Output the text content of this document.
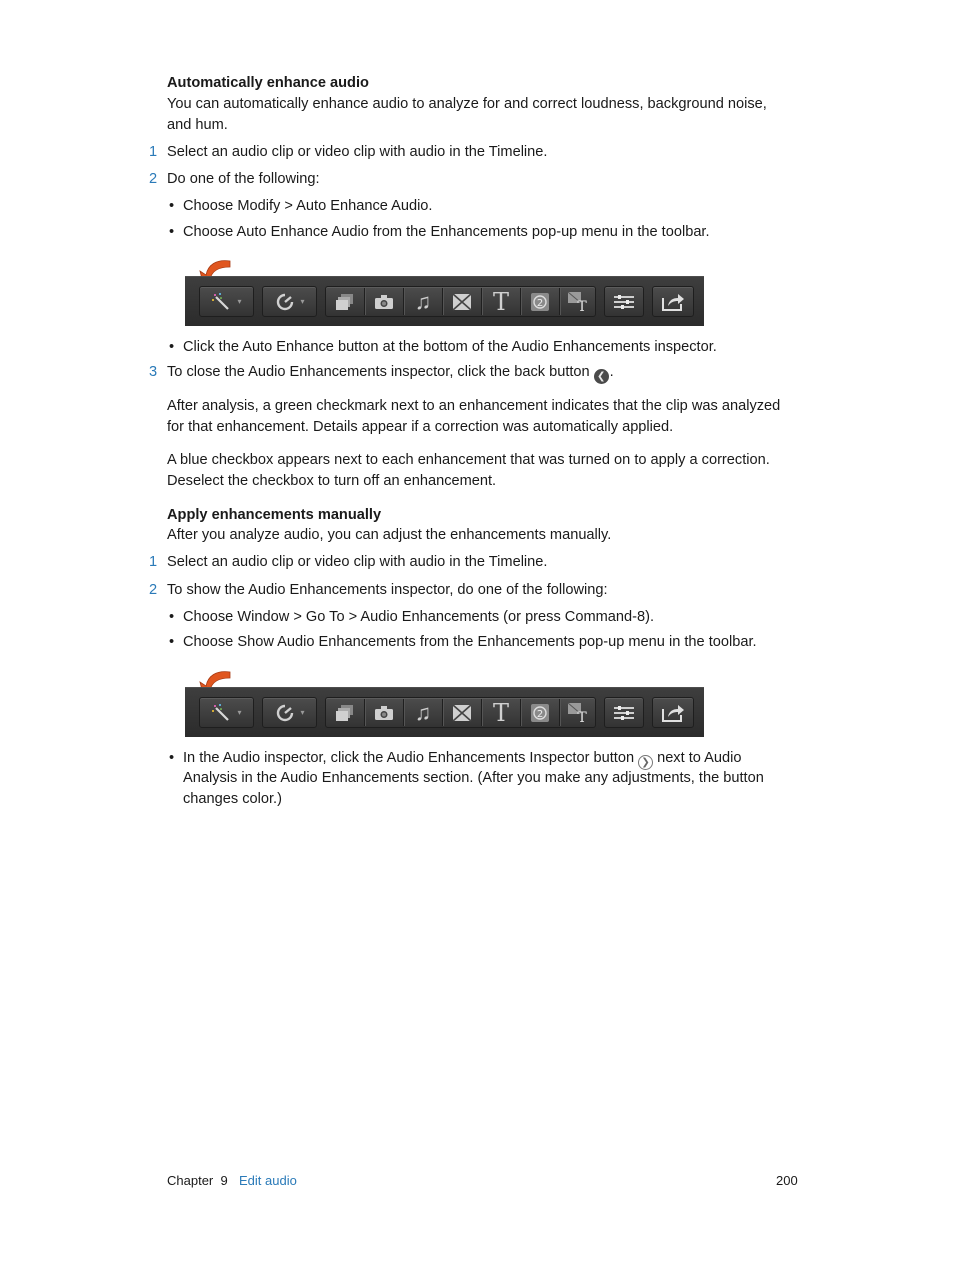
Automatically enhance audio
You can automatically enhance audio to analyze for and correct loudness, background noise,
and hum.
1 Select an audio clip or video clip with audio in the Timeline.
2 Do one of the following:
• Choose Modify > Auto Enhance Audio.
• Choose Auto Enhance Audio from the Enhancements pop-up menu in the toolbar.
▾	▾	♫	T	2 T
• Click the Auto Enhance button at the bottom of the Audio Enhancements inspector.
3 To close the Audio Enhancements inspector, click the back button ❮ .
After analysis, a green checkmark next to an enhancement indicates that the clip was analyzed
for that enhancement. Details appear if a correction was automatically applied.
A blue checkbox appears next to each enhancement that was turned on to apply a correction.
Deselect the checkbox to turn off an enhancement.
Apply enhancements manually
After you analyze audio, you can adjust the enhancements manually.
1 Select an audio clip or video clip with audio in the Timeline.
2 To show the Audio Enhancements inspector, do one of the following:
• Choose Window > Go To > Audio Enhancements (or press Command-8).
• Choose Show Audio Enhancements from the Enhancements pop-up menu in the toolbar.
▾	▾	♫	T	2 T
• In the Audio inspector, click the Audio Enhancements Inspector button ❯ next to Audio
Analysis in the Audio Enhancements section. (After you make any adjustments, the button
changes color.)
Chapter  9 Edit audio	200
